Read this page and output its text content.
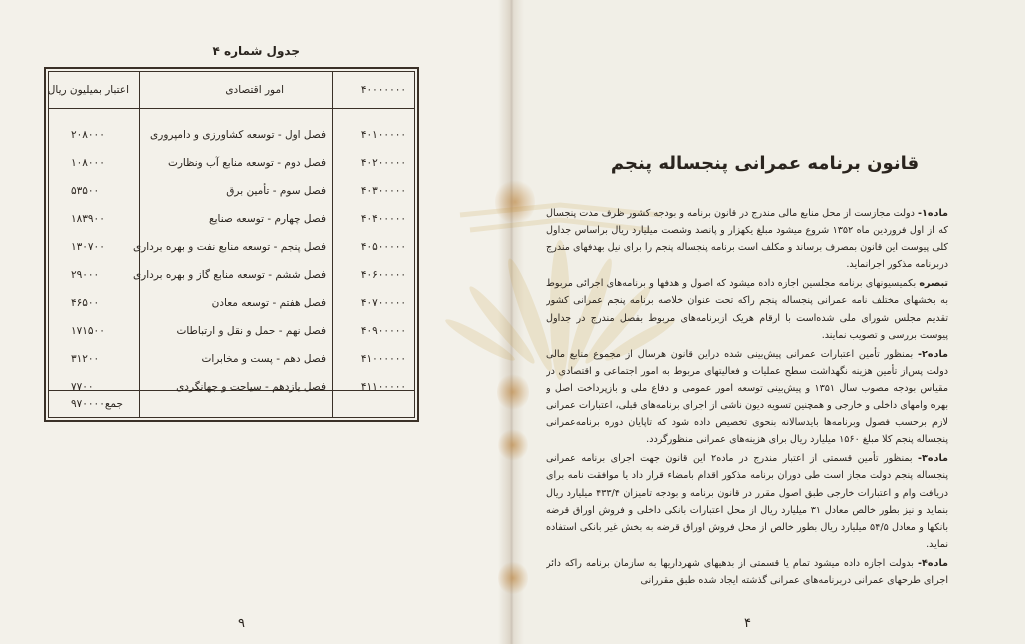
جدول شماره ۴
۴۰۰۰۰۰۰۰
امور اقتصادی
اعتبار بمیلیون ریال
۴۰۱۰۰۰۰۰
فصل اول - توسعه کشاورزی و دامپروری
۲۰۸۰۰۰
۴۰۲۰۰۰۰۰
فصل دوم - توسعه منابع آب ونظارت
۱۰۸۰۰۰
۴۰۳۰۰۰۰۰
فصل سوم - تأمین برق
۵۳۵۰۰
۴۰۴۰۰۰۰۰
فصل چهارم - توسعه صنایع
۱۸۳۹۰۰
۴۰۵۰۰۰۰۰
فصل پنجم - توسعه منابع نفت و بهره برداری
۱۳۰۷۰۰
۴۰۶۰۰۰۰۰
فصل ششم - توسعه منابع گاز و بهره برداری
۲۹۰۰۰
۴۰۷۰۰۰۰۰
فصل هفتم - توسعه معادن
۴۶۵۰۰
۴۰۹۰۰۰۰۰
فصل نهم - حمل و نقل و ارتباطات
۱۷۱۵۰۰
۴۱۰۰۰۰۰۰
فصل دهم - پست و مخابرات
۳۱۲۰۰
۴۱۱۰۰۰۰۰
فصل یازدهم - سیاحت و جهانگردی
۷۷۰۰
جمع
۹۷۰۰۰۰
۹
قانون برنامه عمرانی پنجساله پنجم

ماده۱- دولت مجازست از محل منابع مالی مندرج در قانون برنامه و بودجه کشور ظرف مدت پنجسال که از اول فروردین ماه ۱۳۵۲ شروع میشود مبلغ یکهزار و پانصد وشصت میلیارد ریال براساس جداول کلی پیوست این قانون بمصرف برساند و مکلف است برنامه پنجساله پنجم را برای نیل بهدفهای مندرج دربرنامه مذکور اجرانماید.

تبصره بکمیسیونهای برنامه مجلسین اجازه داده میشود که اصول و هدفها و برنامه‌های اجرائی مربوط به بخشهای مختلف نامه عمرانی پنجساله پنجم راکه تحت عنوان خلاصه برنامه پنجم عمرانی کشور تقدیم مجلس شورای ملی شده‌است با ارقام هریک ازبرنامه‌های مربوط بفصل مندرج در جداول پیوست بررسی و تصویب نمایند.

ماده۲- بمنظور تأمین اعتبارات عمرانی پیش‌بینی شده دراین قانون هرسال از مجموع منابع مالی دولت پس‌از تأمین هزینه نگهداشت سطح عملیات و فعالیتهای مربوط به امور اجتماعی و اقتصادی در مقیاس بودجه مصوب سال ۱۳۵۱ و پیش‌بینی توسعه امور عمومی و دفاع ملی و بازپرداخت اصل و بهره وامهای داخلی و خارجی و همچنین تسویه دیون ناشی از اجرای برنامه‌های قبلی، اعتبارات عمرانی لازم برحسب فصول وبرنامه‌ها بایدسالانه بنحوی تخصیص داده شود که تاپایان دوره برنامه‌عمرانی پنجساله پنجم کلا مبلغ ۱۵۶۰ میلیارد ریال برای هزینه‌های عمرانی منظورگردد.

ماده۳- بمنظور تأمین قسمتی از اعتبار مندرج در ماده۲ این قانون جهت اجرای برنامه عمرانی پنجساله پنجم دولت مجاز است طی دوران برنامه مذکور اقدام بامضاء قرار داد یا موافقت نامه برای دریافت وام و اعتبارات خارجی طبق اصول مقرر در قانون برنامه و بودجه تامیزان ۴۳۳/۴ میلیارد ریال بنماید و نیز بطور خالص معادل ۳۱ میلیارد ریال از محل اعتبارات بانکی داخلی و فروش اوراق قرضه بانکها و معادل ۵۴/۵ میلیارد ریال بطور خالص از محل فروش اوراق قرضه به بخش غیر بانکی استفاده نماید.

ماده۴- بدولت اجازه داده میشود تمام یا قسمتی از بدهیهای شهرداریها به سازمان برنامه راکه دائر اجرای طرحهای عمرانی دربرنامه‌های عمرانی گذشته ایجاد شده طبق مقررانی

۴
